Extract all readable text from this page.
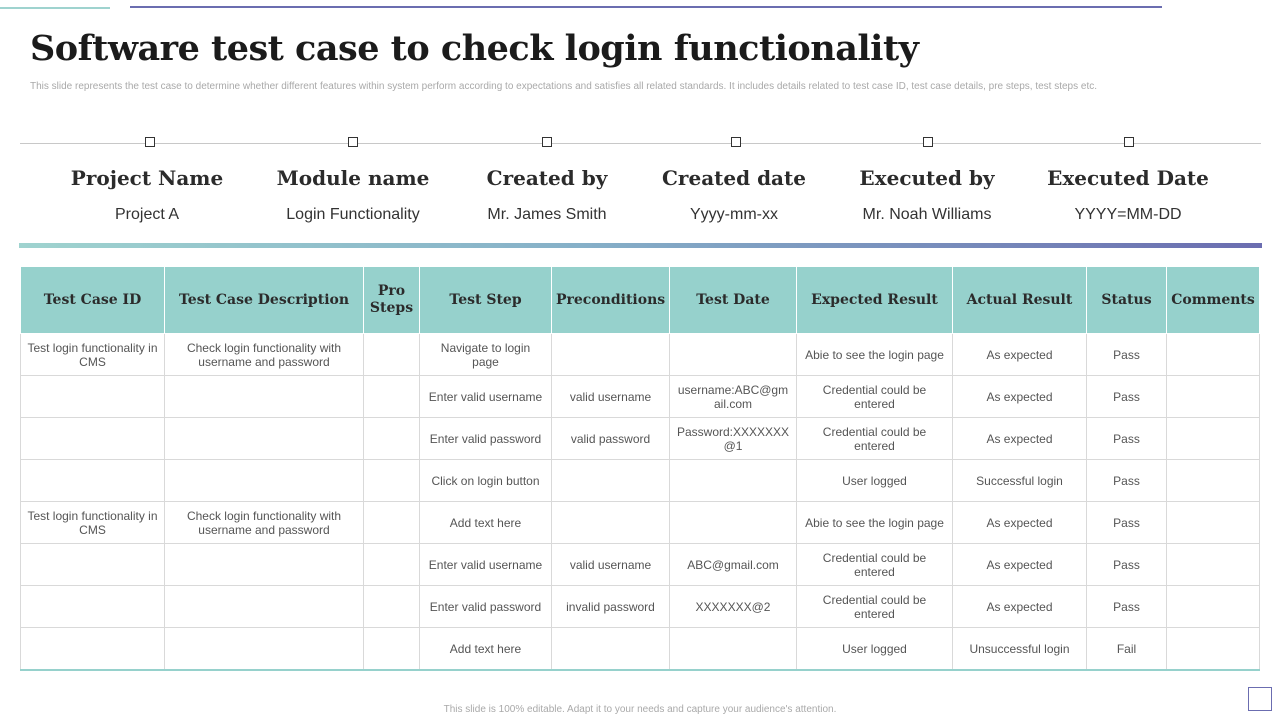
Software test case to check login functionality
This slide represents the test case to determine whether different features within system perform according to expectations and satisfies all related standards. It includes details related to test case ID, test case details, pre steps, test steps etc.
Project Name
Project A
Module name
Login Functionality
Created by
Mr. James Smith
Created date
Yyyy-mm-xx
Executed by
Mr. Noah Williams
Executed Date
YYYY=MM-DD
Test Case ID	Test Case Description	Pro Steps	Test Step	Preconditions	Test Date	Expected Result	Actual Result	Status	Comments
Test login functionality in CMS	Check login functionality with username and password		Navigate to login page			Abie to see the login page	As expected	Pass	
			Enter valid username	valid username	username:ABC@gmail.com	Credential could be entered	As expected	Pass	
			Enter valid password	valid password	Password:XXXXXXX@1	Credential could be entered	As expected	Pass	
			Click on login button			User logged	Successful login	Pass	
Test login functionality in CMS	Check login functionality with username and password		Add text here			Abie to see the login page	As expected	Pass	
			Enter valid username	valid username	ABC@gmail.com	Credential could be entered	As expected	Pass	
			Enter valid password	invalid password	XXXXXXX@2	Credential could be entered	As expected	Pass	
			Add text here			User logged	Unsuccessful login	Fail	
This slide is 100% editable. Adapt it to your needs and capture your audience's attention.
